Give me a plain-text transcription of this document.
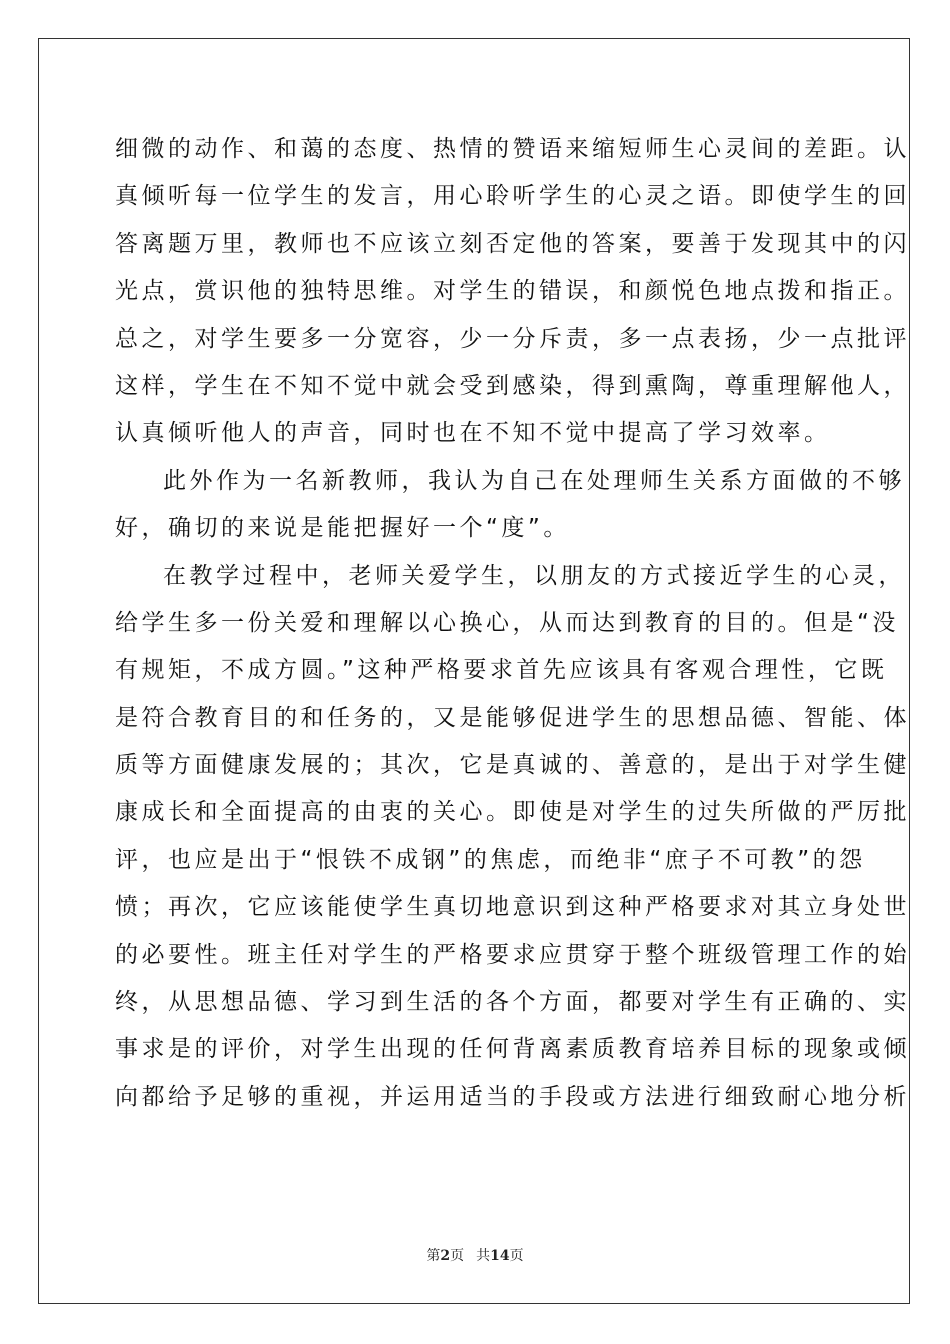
细微的动作、和蔼的态度、热情的赞语来缩短师生心灵间的差距。认
真倾听每一位学生的发言，用心聆听学生的心灵之语。即使学生的回
答离题万里，教师也不应该立刻否定他的答案，要善于发现其中的闪
光点，赏识他的独特思维。对学生的错误，和颜悦色地点拨和指正。
总之，对学生要多一分宽容，少一分斥责，多一点表扬，少一点批评
这样，学生在不知不觉中就会受到感染，得到熏陶，尊重理解他人，
认真倾听他人的声音，同时也在不知不觉中提高了学习效率。
此外作为一名新教师，我认为自己在处理师生关系方面做的不够
好，确切的来说是能把握好一个“度”。
在教学过程中，老师关爱学生，以朋友的方式接近学生的心灵，
给学生多一份关爱和理解以心换心，从而达到教育的目的。但是“没
有规矩，不成方圆。”这种严格要求首先应该具有客观合理性，它既
是符合教育目的和任务的，又是能够促进学生的思想品德、智能、体
质等方面健康发展的；其次，它是真诚的、善意的，是出于对学生健
康成长和全面提高的由衷的关心。即使是对学生的过失所做的严厉批
评，也应是出于“恨铁不成钢”的焦虑，而绝非“庶子不可教”的怨
愤；再次，它应该能使学生真切地意识到这种严格要求对其立身处世
的必要性。班主任对学生的严格要求应贯穿于整个班级管理工作的始
终，从思想品德、学习到生活的各个方面，都要对学生有正确的、实
事求是的评价，对学生出现的任何背离素质教育培养目标的现象或倾
向都给予足够的重视，并运用适当的手段或方法进行细致耐心地分析
第2页 共14页
